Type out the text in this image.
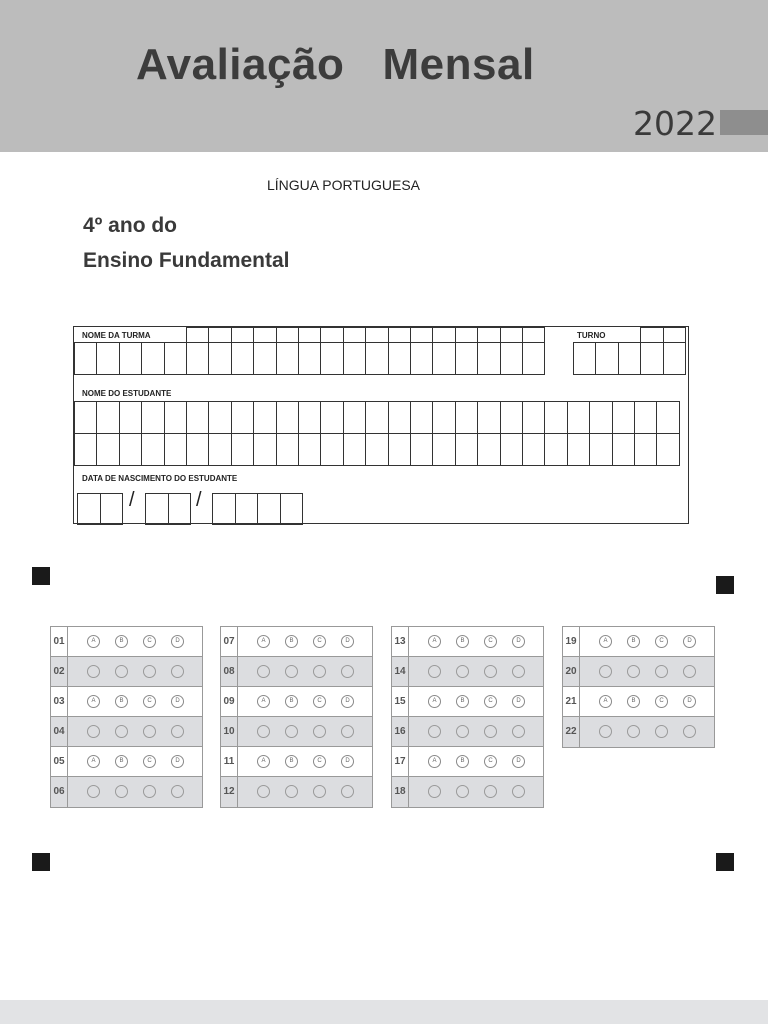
Avaliação   Mensal
2022
LÍNGUA PORTUGUESA
4º ano do
Ensino Fundamental
NOME DA TURMA	TURNO
NOME DO ESTUDANTE
DATA DE NASCIMENTO DO ESTUDANTE
/	/
01	A	B	C	D
02
03	A	B	C	D
04
05	A	B	C	D
06
07	A	B	C	D
08
09	A	B	C	D
10
11	A	B	C	D
12
13	A	B	C	D
14
15	A	B	C	D
16
17	A	B	C	D
18
19	A	B	C	D
20
21	A	B	C	D
22
